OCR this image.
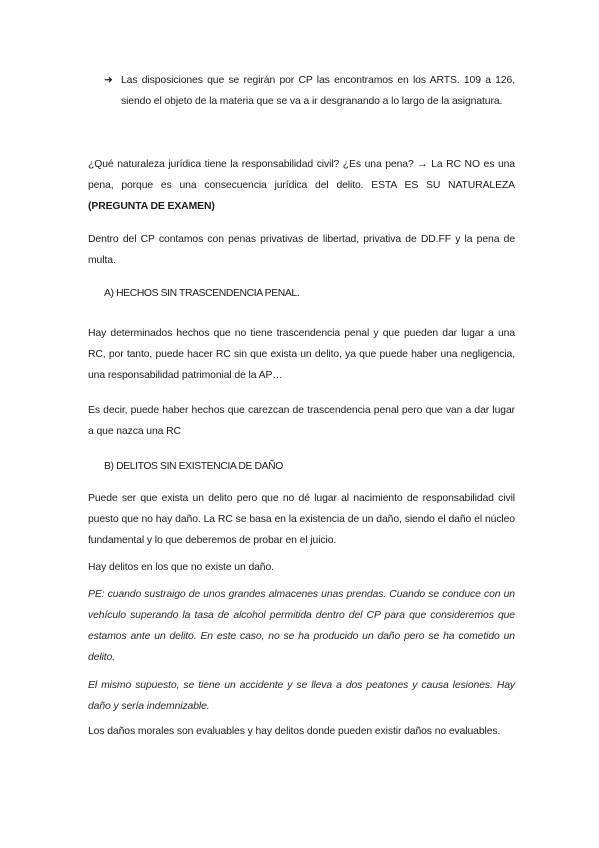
➜ Las disposiciones que se regirán por CP las encontramos en los ARTS. 109 a 126, siendo el objeto de la materia que se va a ir desgranando a lo largo de la asignatura.

¿Qué naturaleza jurídica tiene la responsabilidad civil? ¿Es una pena? → La RC NO es una pena, porque es una consecuencia jurídica del delito. ESTA ES SU NATURALEZA (PREGUNTA DE EXAMEN)

Dentro del CP contamos con penas privativas de libertad, privativa de DD.FF y la pena de multa.

A) HECHOS SIN TRASCENDENCIA PENAL.

Hay determinados hechos que no tiene trascendencia penal y que pueden dar lugar a una RC, por tanto, puede hacer RC sin que exista un delito, ya que puede haber una negligencia, una responsabilidad patrimonial de la AP…

Es decir, puede haber hechos que carezcan de trascendencia penal pero que van a dar lugar a que nazca una RC

B) DELITOS SIN EXISTENCIA DE DAÑO

Puede ser que exista un delito pero que no dé lugar al nacimiento de responsabilidad civil puesto que no hay daño. La RC se basa en la existencia de un daño, siendo el daño el núcleo fundamental y lo que deberemos de probar en el juicio.

Hay delitos en los que no existe un daño.

PE: cuando sustraigo de unos grandes almacenes unas prendas. Cuando se conduce con un vehículo superando la tasa de alcohol permitida dentro del CP para que consideremos que estamos ante un delito. En este caso, no se ha producido un daño pero se ha cometido un delito.

El mismo supuesto, se tiene un accidente y se lleva a dos peatones y causa lesiones. Hay daño y sería indemnizable.

Los daños morales son evaluables y hay delitos donde pueden existir daños no evaluables.
